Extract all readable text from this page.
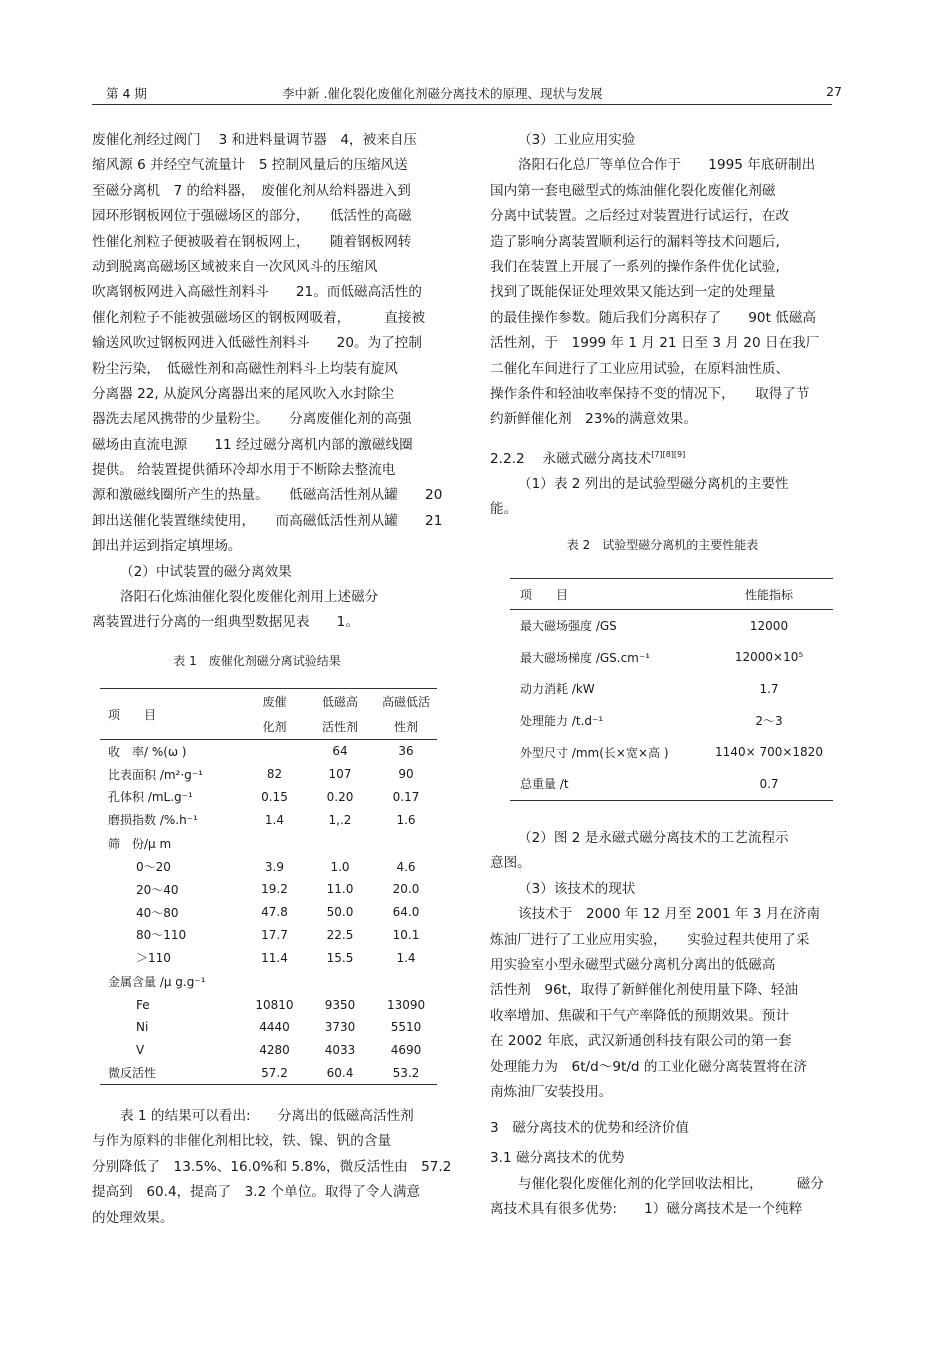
第 4 期	李中新 .催化裂化废催化剂磁分离技术的原理、现状与发展	27
废催化剂经过阀门　 3 和进料量调节器　4，被来自压
缩风源 6 并经空气流量计　5 控制风量后的压缩风送
至磁分离机　7 的给料器，　废催化剂从给料器进入到
园环形钢板网位于强磁场区的部分，　　低活性的高磁
性催化剂粒子便被吸着在钢板网上，　　随着钢板网转
动到脱离高磁场区域被来自一次风风斗的压缩风
吹离钢板网进入高磁性剂料斗　　21。而低磁高活性的
催化剂粒子不能被强磁场区的钢板网吸着，　　　直接被
输送风吹过钢板网进入低磁性剂料斗　　20。为了控制
粉尘污染，　低磁性剂和高磁性剂料斗上均装有旋风
分离器 22, 从旋风分离器出来的尾风吹入水封除尘
器洗去尾风携带的少量粉尘。　　分离废催化剂的高强
磁场由直流电源　　11 经过磁分离机内部的激磁线圈
提供。 给装置提供循环冷却水用于不断除去整流电
源和激磁线圈所产生的热量。　　低磁高活性剂从罐　　20
卸出送催化装置继续使用，　　而高磁低活性剂从罐　　21
卸出并运到指定填埋场。
（2）中试装置的磁分离效果
洛阳石化炼油催化裂化废催化剂用上述磁分
离装置进行分离的一组典型数据见表　　1。
表 1　废催化剂磁分离试验结果
项　　目	废催	低磁高	高磁低活
	化剂	活性剂	性剂
收　率/ %(ω )		64	36
比表面积 /m²·g⁻¹	82	107	90
孔体积 /mL.g⁻¹	0.15	0.20	0.17
磨损指数 /%.h⁻¹	1.4	1,.2	1.6
筛　份/μ m			
0～20	3.9	1.0	4.6
20～40	19.2	11.0	20.0
40～80	47.8	50.0	64.0
80～110	17.7	22.5	10.1
＞110	11.4	15.5	1.4
金属含量 /μ g.g⁻¹			
Fe	10810	9350	13090
Ni	4440	3730	5510
V	4280	4033	4690
微反活性	57.2	60.4	53.2
表 1 的结果可以看出:　　分离出的低磁高活性剂
与作为原料的非催化剂相比较，铁、镍、钒的含量
分别降低了　13.5%、16.0%和 5.8%，微反活性由　57.2
提高到　60.4，提高了　3.2 个单位。取得了令人满意
的处理效果。
（3）工业应用实验
洛阳石化总厂等单位合作于　　1995 年底研制出
国内第一套电磁型式的炼油催化裂化废催化剂磁
分离中试装置。之后经过对装置进行试运行，在改
造了影响分离装置顺利运行的漏料等技术问题后,
我们在装置上开展了一系列的操作条件优化试验,
找到了既能保证处理效果又能达到一定的处理量
的最佳操作参数。随后我们分离积存了　　90t 低磁高
活性剂，于　1999 年 1 月 21 日至 3 月 20 日在我厂
二催化车间进行了工业应用试验，在原料油性质、
操作条件和轻油收率保持不变的情况下，　　取得了节
约新鲜催化剂　23%的满意效果。
2.2.2　 永磁式磁分离技术[7][8][9]
（1）表 2 列出的是试验型磁分离机的主要性
能。
表 2　试验型磁分离机的主要性能表
项　　目	性能指标
最大磁场强度 /GS	12000
最大磁场梯度 /GS.cm⁻¹	12000×10⁵
动力消耗 /kW	1.7
处理能力 /t.d⁻¹	2～3
外型尺寸 /mm(长×宽×高 )	1140× 700×1820
总重量 /t	0.7
（2）图 2 是永磁式磁分离技术的工艺流程示
意图。
（3）该技术的现状
该技术于　2000 年 12 月至 2001 年 3 月在济南
炼油厂进行了工业应用实验，　　实验过程共使用了采
用实验室小型永磁型式磁分离机分离出的低磁高
活性剂　96t，取得了新鲜催化剂使用量下降、轻油
收率增加、焦碳和干气产率降低的预期效果。预计
在 2002 年底，武汉新通创科技有限公司的第一套
处理能力为　6t/d～9t/d 的工业化磁分离装置将在济
南炼油厂安装投用。
3　磁分离技术的优势和经济价值
3.1 磁分离技术的优势
与催化裂化废催化剂的化学回收法相比，　　　磁分
离技术具有很多优势:　　1）磁分离技术是一个纯粹
